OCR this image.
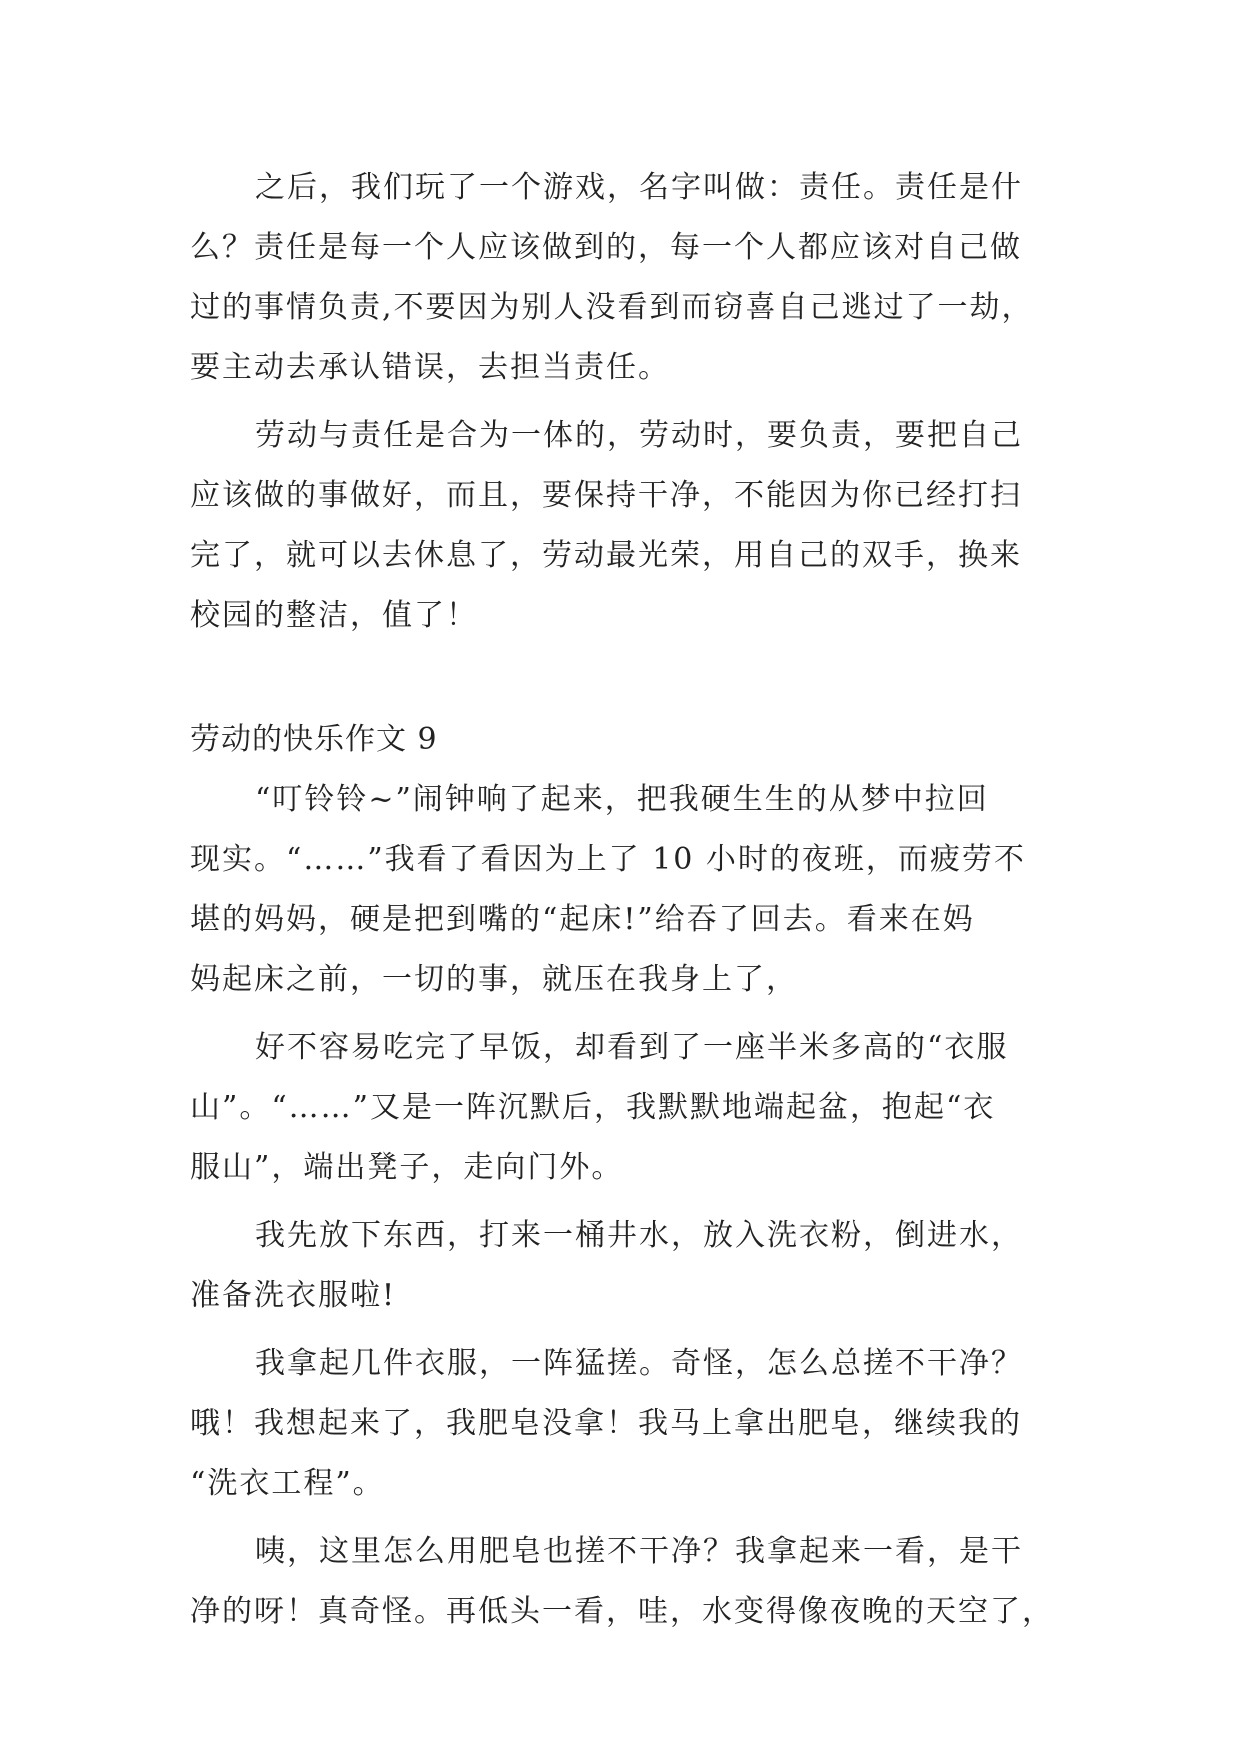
之后，我们玩了一个游戏，名字叫做：责任。责任是什

么？责任是每一个人应该做到的，每一个人都应该对自己做

过的事情负责,不要因为别人没看到而窃喜自己逃过了一劫，

要主动去承认错误，去担当责任。

劳动与责任是合为一体的，劳动时，要负责，要把自己

应该做的事做好，而且，要保持干净，不能因为你已经打扫

完了，就可以去休息了，劳动最光荣，用自己的双手，换来

校园的整洁，值了！

劳动的快乐作文 9

“叮铃铃~”闹钟响了起来，把我硬生生的从梦中拉回

现实。“……”我看了看因为上了 10 小时的夜班，而疲劳不

堪的妈妈，硬是把到嘴的“起床!”给吞了回去。看来在妈

妈起床之前，一切的事，就压在我身上了，

好不容易吃完了早饭，却看到了一座半米多高的“衣服

山”。“……”又是一阵沉默后，我默默地端起盆，抱起“衣

服山”，端出凳子，走向门外。

我先放下东西，打来一桶井水，放入洗衣粉，倒进水，

准备洗衣服啦!

我拿起几件衣服，一阵猛搓。奇怪，怎么总搓不干净？

哦！我想起来了，我肥皂没拿！我马上拿出肥皂，继续我的

“洗衣工程”。

咦，这里怎么用肥皂也搓不干净？我拿起来一看，是干

净的呀！真奇怪。再低头一看，哇，水变得像夜晚的天空了，
